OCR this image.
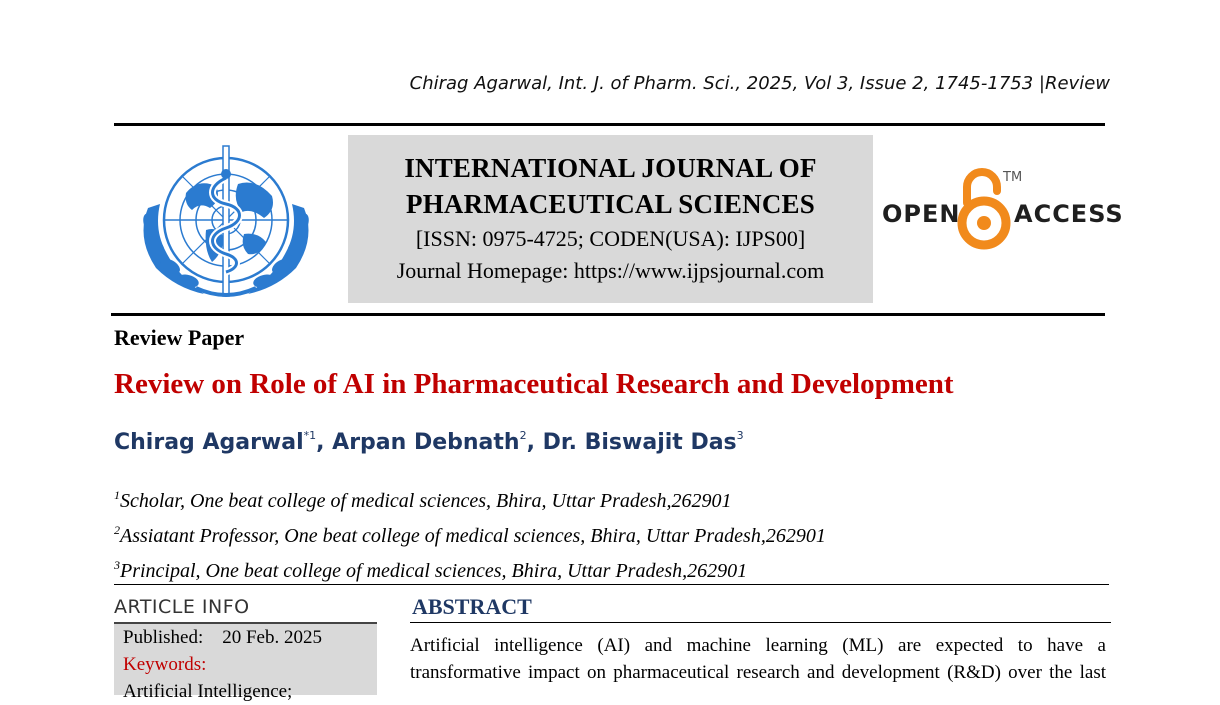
Chirag Agarwal, Int. J. of Pharm. Sci., 2025, Vol 3, Issue 2, 1745-1753 |Review
INTERNATIONAL JOURNAL OF
PHARMACEUTICAL SCIENCES
[ISSN: 0975-4725; CODEN(USA): IJPS00]
Journal Homepage: https://www.ijpsjournal.com
OPEN
TM
ACCESS
Review Paper
Review on Role of AI in Pharmaceutical Research and Development
Chirag Agarwal$^{*1}$, Arpan Debnath$^2$, Dr. Biswajit Das$^3$
$^1$Scholar, One beat college of medical sciences, Bhira, Uttar Pradesh,262901
$^2$Assiatant Professor, One beat college of medical sciences, Bhira, Uttar Pradesh,262901
$^3$Principal, One beat college of medical sciences, Bhira, Uttar Pradesh,262901
ARTICLE INFO
Published: 20 Feb. 2025
Keywords:
Artificial Intelligence;
ABSTRACT
Artificial intelligence (AI) and machine learning (ML) are expected to have a
transformative impact on pharmaceutical research and development (R&D) over the last
